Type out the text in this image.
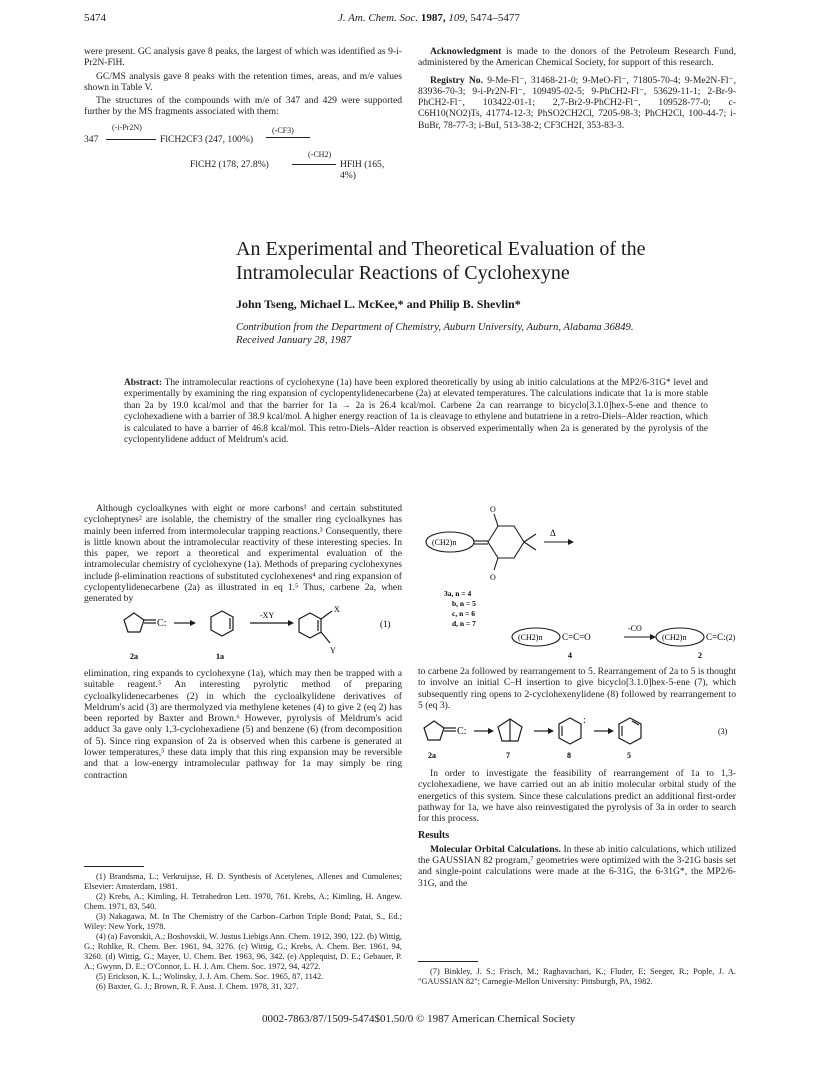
5474	J. Am. Chem. Soc. 1987, 109, 5474–5477

were present. GC analysis gave 8 peaks, the largest of which was identified as 9-i-Pr2N-FlH.

GC/MS analysis gave 8 peaks with the retention times, areas, and m/e values shown in Table V.

The structures of the compounds with m/e of 347 and 429 were supported further by the MS fragments associated with them:

347
(-i-Pr2N)
FlCH2CF3 (247, 100%)
(-CF3)
FlCH2 (178, 27.8%)
(-CH2)
HFlH (165, 4%)

Acknowledgment is made to the donors of the Petroleum Research Fund, administered by the American Chemical Society, for support of this research.

Registry No. 9-Me-Fl⁻, 31468-21-0; 9-MeO-Fl⁻, 71805-70-4; 9-Me2N-Fl⁻, 83936-70-3; 9-i-Pr2N-Fl⁻, 109495-02-5; 9-PhCH2-Fl⁻, 53629-11-1; 2-Br-9-PhCH2-Fl⁻, 103422-01-1; 2,7-Br2-9-PhCH2-Fl⁻, 109528-77-0; c-C6H10(NO2)Ts, 41774-12-3; PhSO2CH2Cl, 7205-98-3; PhCH2Cl, 100-44-7; i-BuBr, 78-77-3; i-BuI, 513-38-2; CF3CH2I, 353-83-3.

An Experimental and Theoretical Evaluation of the
Intramolecular Reactions of Cyclohexyne
John Tseng, Michael L. McKee,* and Philip B. Shevlin*
Contribution from the Department of Chemistry, Auburn University, Auburn, Alabama 36849.
Received January 28, 1987
Abstract: The intramolecular reactions of cyclohexyne (1a) have been explored theoretically by using ab initio calculations at the MP2/6-31G* level and experimentally by examining the ring expansion of cyclopentylidenecarbene (2a) at elevated temperatures. The calculations indicate that 1a is more stable than 2a by 19.0 kcal/mol and that the barrier for 1a → 2a is 26.4 kcal/mol. Carbene 2a can rearrange to bicyclo[3.1.0]hex-5-ene and thence to cyclohexadiene with a barrier of 38.9 kcal/mol. A higher energy reaction of 1a is cleavage to ethylene and butatriene in a retro-Diels–Alder reaction, which is calculated to have a barrier of 46.8 kcal/mol. This retro-Diels–Alder reaction is observed experimentally when 2a is generated by the pyrolysis of the cyclopentylidene adduct of Meldrum's acid.

Although cycloalkynes with eight or more carbons¹ and certain substituted cycloheptynes² are isolable, the chemistry of the smaller ring cycloalkynes has mainly been inferred from intermolecular trapping reactions.³ Consequently, there is little known about the intramolecular reactivity of these interesting species. In this paper, we report a theoretical and experimental evaluation of the intramolecular chemistry of cyclohexyne (1a). Methods of preparing cyclohexynes include β-elimination reactions of substituted cyclohexenes⁴ and ring expansion of cyclopentylidenecarbene (2a) as illustrated in eq 1.⁵ Thus, carbene 2a, when generated by

C:
-XY
X
Y
(1)
2a	1a

elimination, ring expands to cyclohexyne (1a), which may then be trapped with a suitable reagent.⁵ An interesting pyrolytic method of preparing cycloalkylidenecarbenes (2) in which the cycloalkylidene derivatives of Meldrum's acid (3) are thermolyzed via methylene ketenes (4) to give 2 (eq 2) has been reported by Baxter and Brown.⁶ However, pyrolysis of Meldrum's acid adduct 3a gave only 1,3-cyclohexadiene (5) and benzene (6) (from decomposition of 5). Since ring expansion of 2a is observed when this carbene is generated at lower temperatures,⁵ these data imply that this ring expansion may be reversible and that a low-energy intramolecular pathway for 1a may simply be ring contraction

(1) Brandsma, L.; Verkruijsse, H. D. Synthesis of Acetylenes, Allenes and Cumulenes; Elsevier: Amsterdam, 1981.
(2) Krebs, A.; Kimling, H. Tetrahedron Lett. 1970, 761. Krebs, A.; Kimling, H. Angew. Chem. 1971, 83, 540.
(3) Nakagawa, M. In The Chemistry of the Carbon–Carbon Triple Bond; Patai, S., Ed.; Wiley: New York, 1978.
(4) (a) Favorskii, A.; Boshovskii, W. Justus Liebigs Ann. Chem. 1912, 390, 122. (b) Wittig, G.; Rohlke, R. Chem. Ber. 1961, 94, 3276. (c) Wittig, G.; Krebs, A. Chem. Ber. 1961, 94, 3260. (d) Wittig, G.; Mayer, U. Chem. Ber. 1963, 96, 342. (e) Applequist, D. E.; Gebauer, P. A.; Gwynn, D. E.; O'Connor, L. H. J. Am. Chem. Soc. 1972, 94, 4272.
(5) Erickson, K. L.; Wolinsky, J. J. Am. Chem. Soc. 1965, 87, 1142.
(6) Baxter, G. J.; Brown, R. F. Aust. J. Chem. 1978, 31, 327.
(CH2)n
O
O
Δ
3a, n = 4
b, n = 5
c, n = 6
d, n = 7
(CH2)n C=C=O
-CO
(CH2)n C=C: (2)
4	2

to carbene 2a followed by rearrangement to 5. Rearrangement of 2a to 5 is thought to involve an initial C–H insertion to give bicyclo[3.1.0]hex-5-ene (7), which subsequently ring opens to 2-cyclohexenylidene (8) followed by rearrangement to 5 (eq 3).

C:
:
(3)
2a	7	8	5

In order to investigate the feasibility of rearrangement of 1a to 1,3-cyclohexadiene, we have carried out an ab initio molecular orbital study of the energetics of this system. Since these calculations predict an additional first-order pathway for 1a, we have also reinvestigated the pyrolysis of 3a in order to search for this process.

Results

Molecular Orbital Calculations. In these ab initio calculations, which utilized the GAUSSIAN 82 program,⁷ geometries were optimized with the 3-21G basis set and single-point calculations were made at the 6-31G, the 6-31G*, the MP2/6-31G, and the

(7) Binkley, J. S.; Frisch, M.; Raghavachari, K.; Fluder, E; Seeger, R.; Pople, J. A. "GAUSSIAN 82"; Carnegie-Mellon University: Pittsburgh, PA, 1982.
0002-7863/87/1509-5474$01.50/0 © 1987 American Chemical Society
